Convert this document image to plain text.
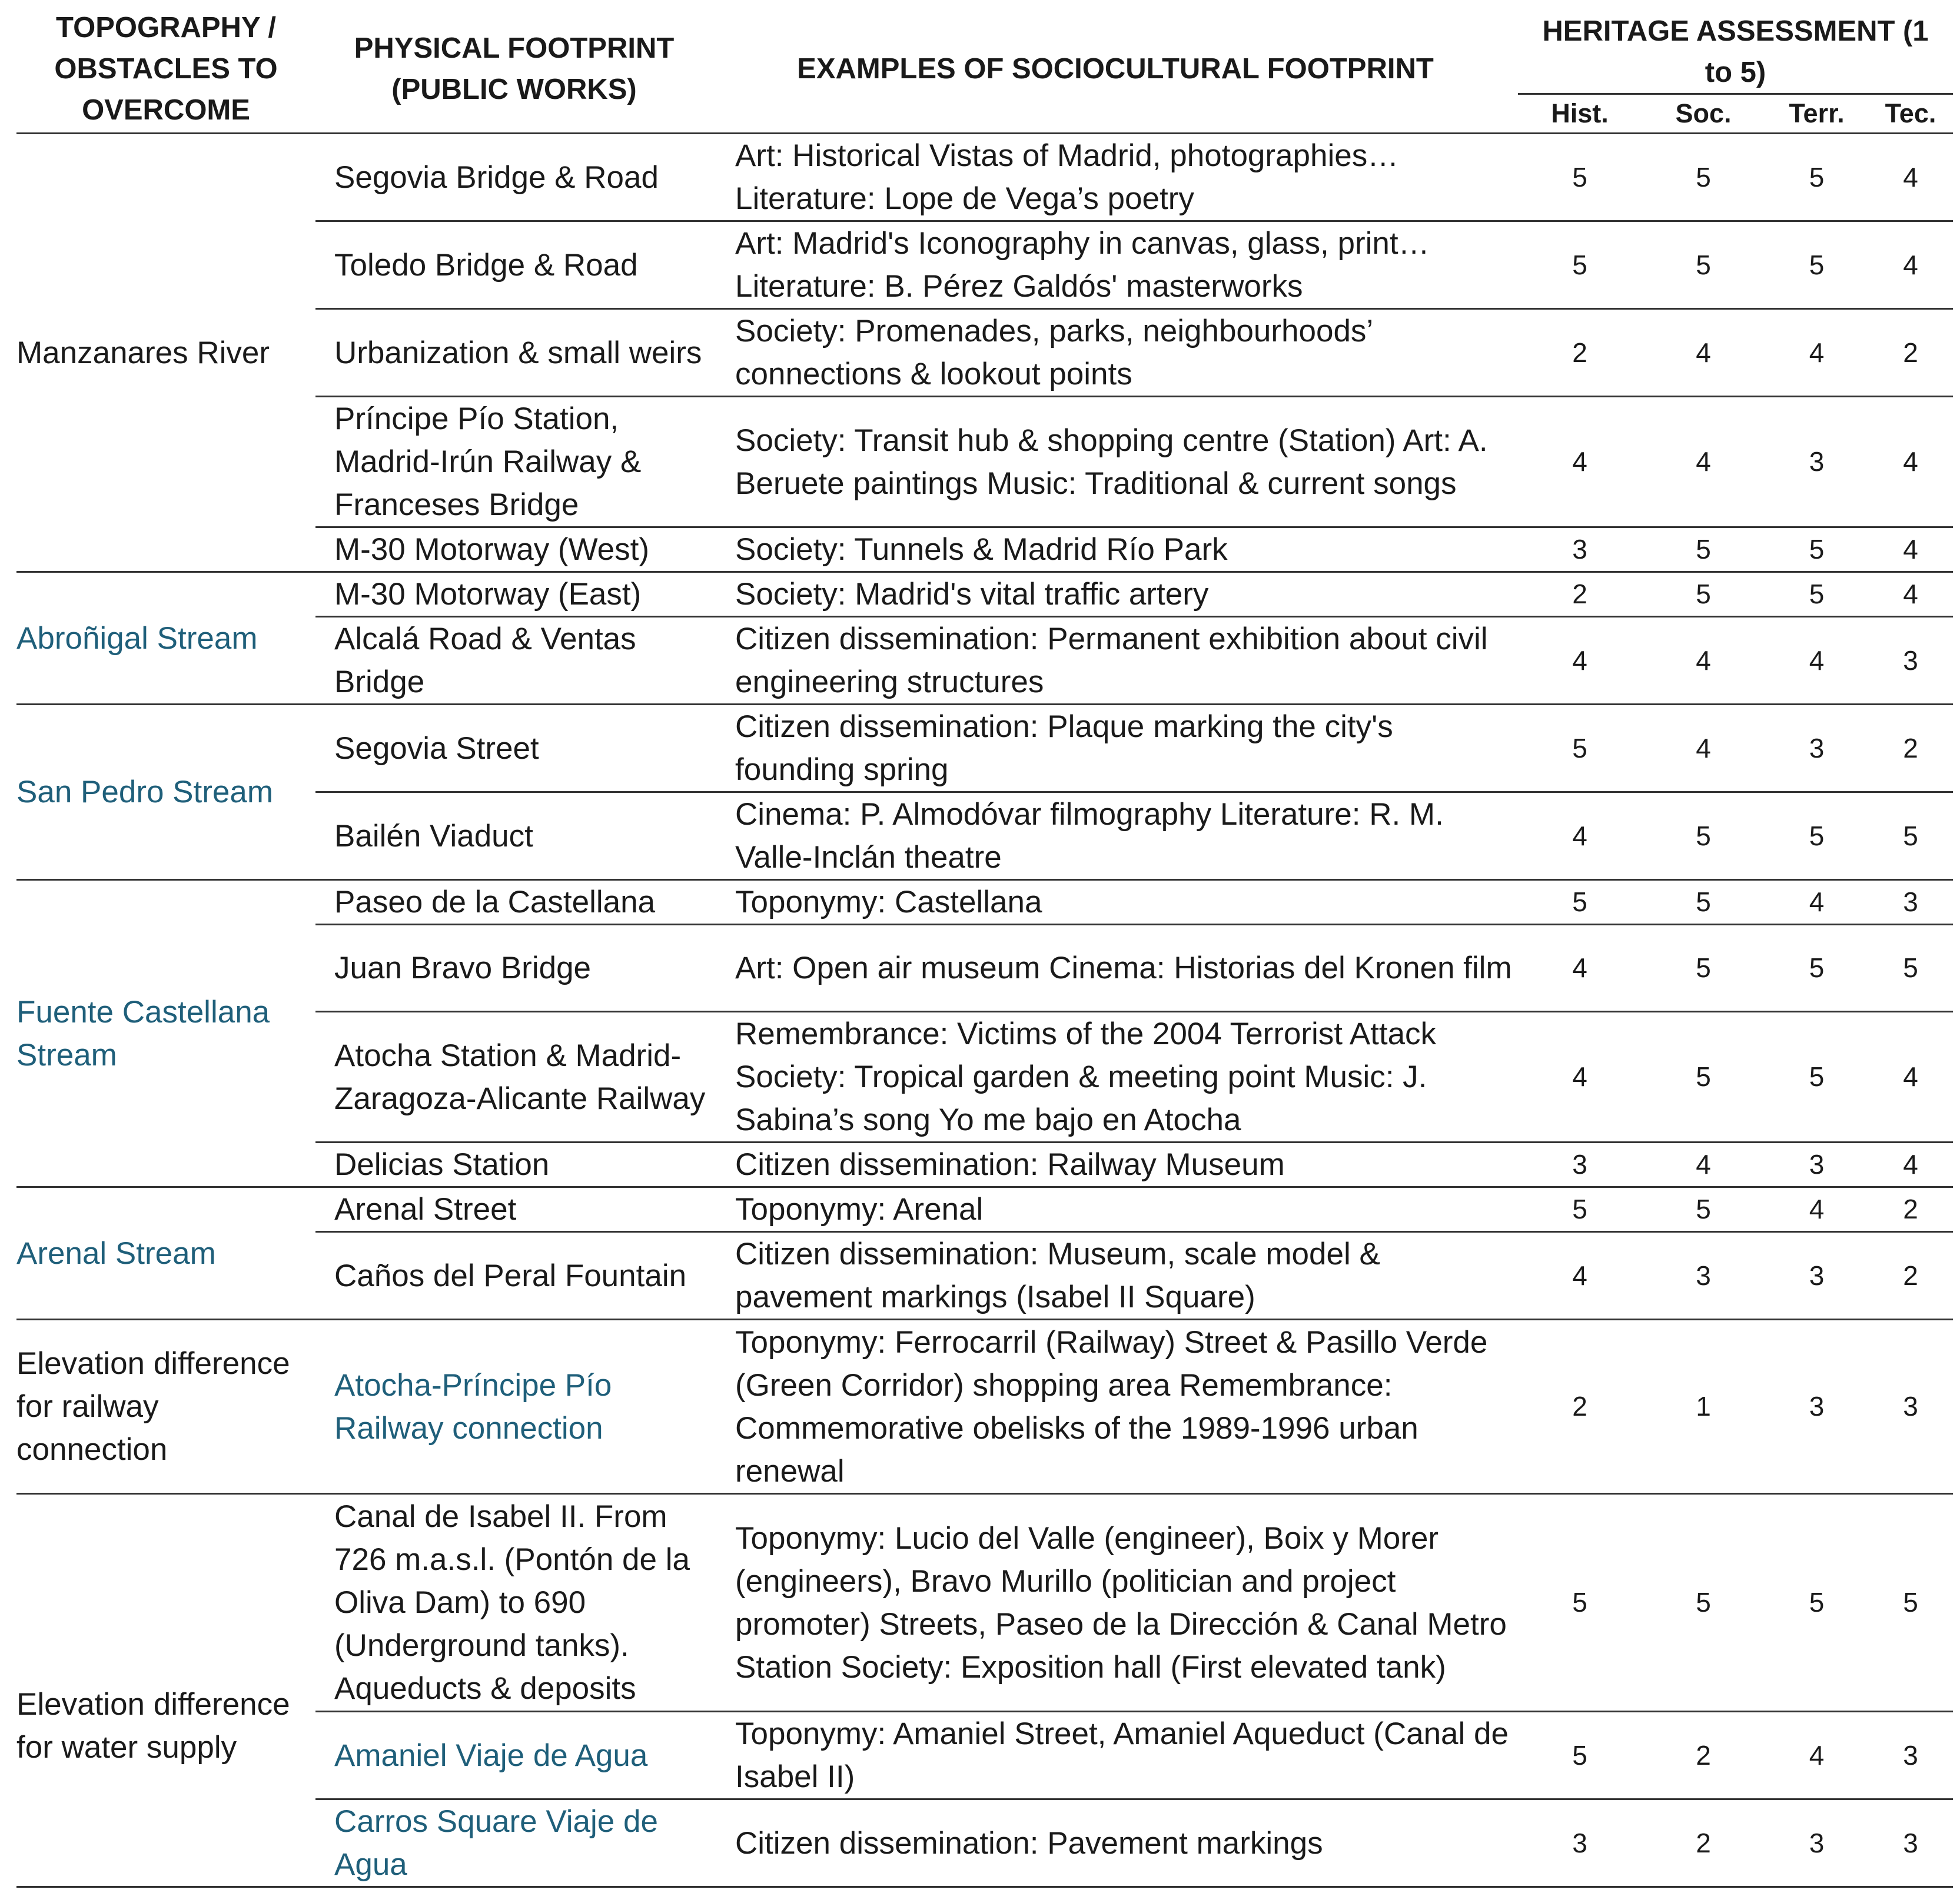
TOPOGRAPHY / OBSTACLES TO OVERCOME	PHYSICAL FOOTPRINT (PUBLIC WORKS)	EXAMPLES OF SOCIOCULTURAL FOOTPRINT	HERITAGE ASSESSMENT (1 to 5)			
			Hist.	Soc.	Terr.	Tec.
Manzanares River	Segovia Bridge & Road	Art: Historical Vistas of Madrid, photographies… Literature: Lope de Vega’s poetry	5	5	5	4
	Toledo Bridge & Road	Art: Madrid's Iconography in canvas, glass, print… Literature: B. Pérez Galdós' masterworks	5	5	5	4
	Urbanization & small weirs	Society: Promenades, parks, neighbourhoods’ connections & lookout points	2	4	4	2
	Príncipe Pío Station, Madrid-Irún Railway & Franceses Bridge	Society: Transit hub & shopping centre (Station) Art: A. Beruete paintings Music: Traditional & current songs	4	4	3	4
	M-30 Motorway (West)	Society: Tunnels & Madrid Río Park	3	5	5	4
Abroñigal Stream	M-30 Motorway (East)	Society: Madrid's vital traffic artery	2	5	5	4
	Alcalá Road & Ventas Bridge	Citizen dissemination: Permanent exhibition about civil engineering structures	4	4	4	3
San Pedro Stream	Segovia Street	Citizen dissemination: Plaque marking the city's founding spring	5	4	3	2
	Bailén Viaduct	Cinema: P. Almodóvar filmography Literature: R. M. Valle-Inclán theatre	4	5	5	5
Fuente Castellana Stream	Paseo de la Castellana	Toponymy: Castellana	5	5	4	3
	Juan Bravo Bridge	Art: Open air museum Cinema: Historias del Kronen film	4	5	5	5
	Atocha Station & Madrid-Zaragoza-Alicante Railway	Remembrance: Victims of the 2004 Terrorist Attack Society: Tropical garden & meeting point Music: J. Sabina’s song Yo me bajo en Atocha	4	5	5	4
	Delicias Station	Citizen dissemination: Railway Museum	3	4	3	4
Arenal Stream	Arenal Street	Toponymy: Arenal	5	5	4	2
	Caños del Peral Fountain	Citizen dissemination: Museum, scale model & pavement markings (Isabel II Square)	4	3	3	2
Elevation difference for railway connection	Atocha-Príncipe Pío Railway connection	Toponymy: Ferrocarril (Railway) Street & Pasillo Verde (Green Corridor) shopping area Remembrance: Commemorative obelisks of the 1989-1996 urban renewal	2	1	3	3
Elevation difference for water supply	Canal de Isabel II. From 726 m.a.s.l. (Pontón de la Oliva Dam) to 690 (Underground tanks). Aqueducts & deposits	Toponymy: Lucio del Valle (engineer), Boix y Morer (engineers), Bravo Murillo (politician and project promoter) Streets, Paseo de la Dirección & Canal Metro Station Society: Exposition hall (First elevated tank)	5	5	5	5
	Amaniel Viaje de Agua	Toponymy: Amaniel Street, Amaniel Aqueduct (Canal de Isabel II)	5	2	4	3
	Carros Square Viaje de Agua	Citizen dissemination: Pavement markings	3	2	3	3
